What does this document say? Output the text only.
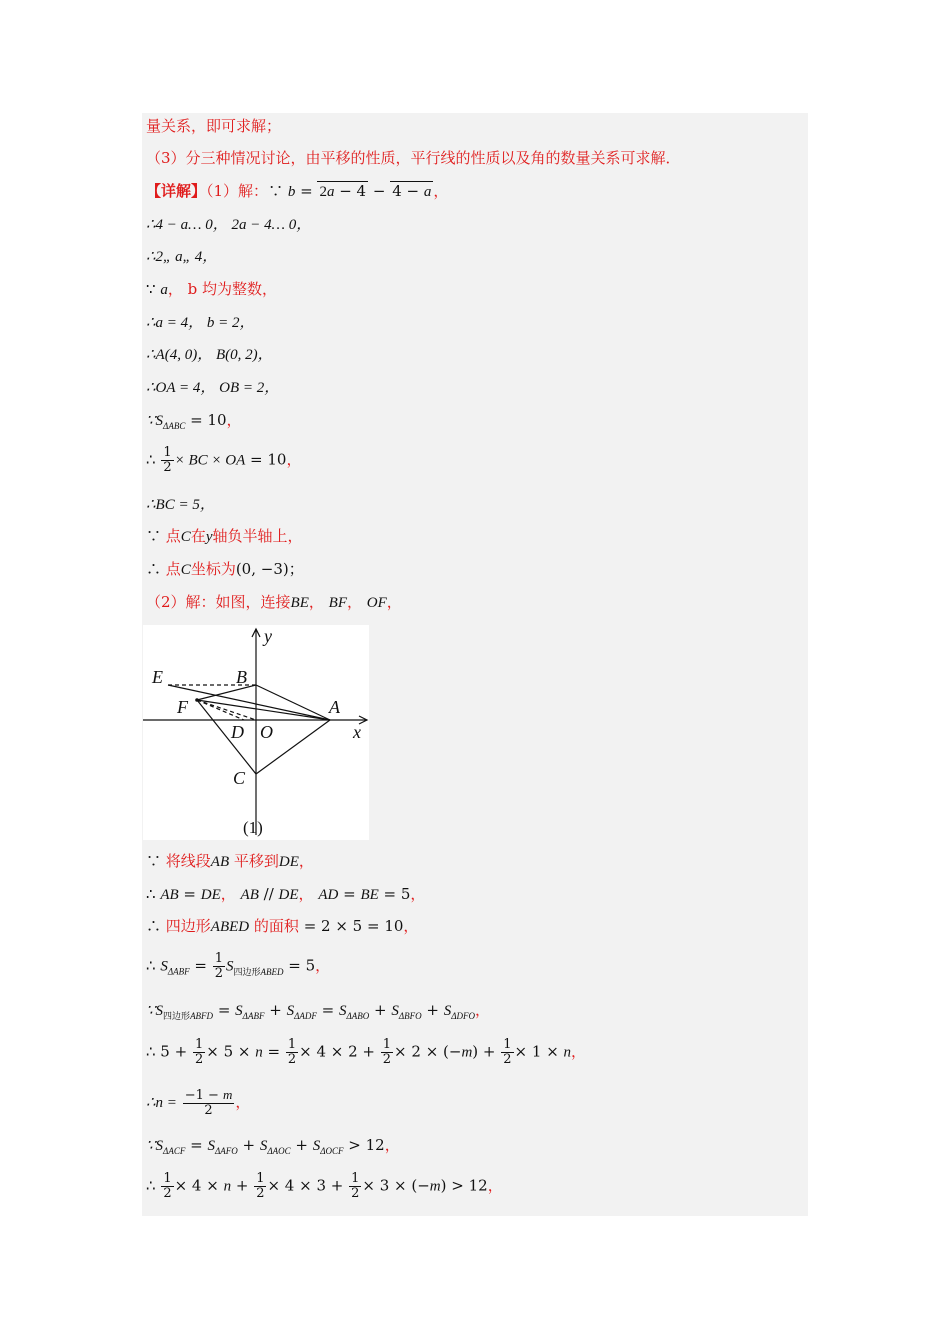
量关系，即可求解；
（3）分三种情况讨论，由平移的性质，平行线的性质以及角的数量关系可求解．
【详解】（1）解：∵ b = 2a − 4 − 4 − a ，
∴4 − a… 0， 2a − 4… 0，
∴2„ a„ 4，
∵ a， b 均为整数，
∴a = 4， b = 2，
∴A(4, 0)， B(0, 2)，
∴OA = 4， OB = 2，
$\because S_{\Delta ABC} = 10$，
∴ $\frac{1}{2}$ × BC × OA = 10，
∴BC = 5，
∵ 点C在y轴负半轴上，
∴ 点C坐标为(0, −3)；
（2）解：如图，连接BE， BF， OF，
E	B
F	A
D O	x
y
C
(1)
∵ 将线段AB 平移到DE，
∴ AB = DE， AB // DE， AD = BE = 5，
∴ 四边形ABED 的面积 = 2 × 5 = 10，
∴ $S_{\Delta ABF} = \frac{1}{2} S_{四边形ABED} = 5$，
$\because S_{四边形ABFD} = S_{\Delta ABF} + S_{\Delta ADF} = S_{\Delta ABO} + S_{\Delta BFO} + S_{\Delta DFO}$，
∴ $5 + \frac{1}{2} \times 5 \times n = \frac{1}{2} \times 4 \times 2 + \frac{1}{2} \times 2 \times (-m) + \frac{1}{2} \times 1 \times n$，
∴n = $\frac{-1 - m}{2}$ ，
$\because S_{\Delta ACF} = S_{\Delta AFO} + S_{\Delta AOC} + S_{\Delta OCF} > 12$，
∴ $\frac{1}{2} \times 4 \times n + \frac{1}{2} \times 4 \times 3 + \frac{1}{2} \times 3 \times (-m) > 12$，
